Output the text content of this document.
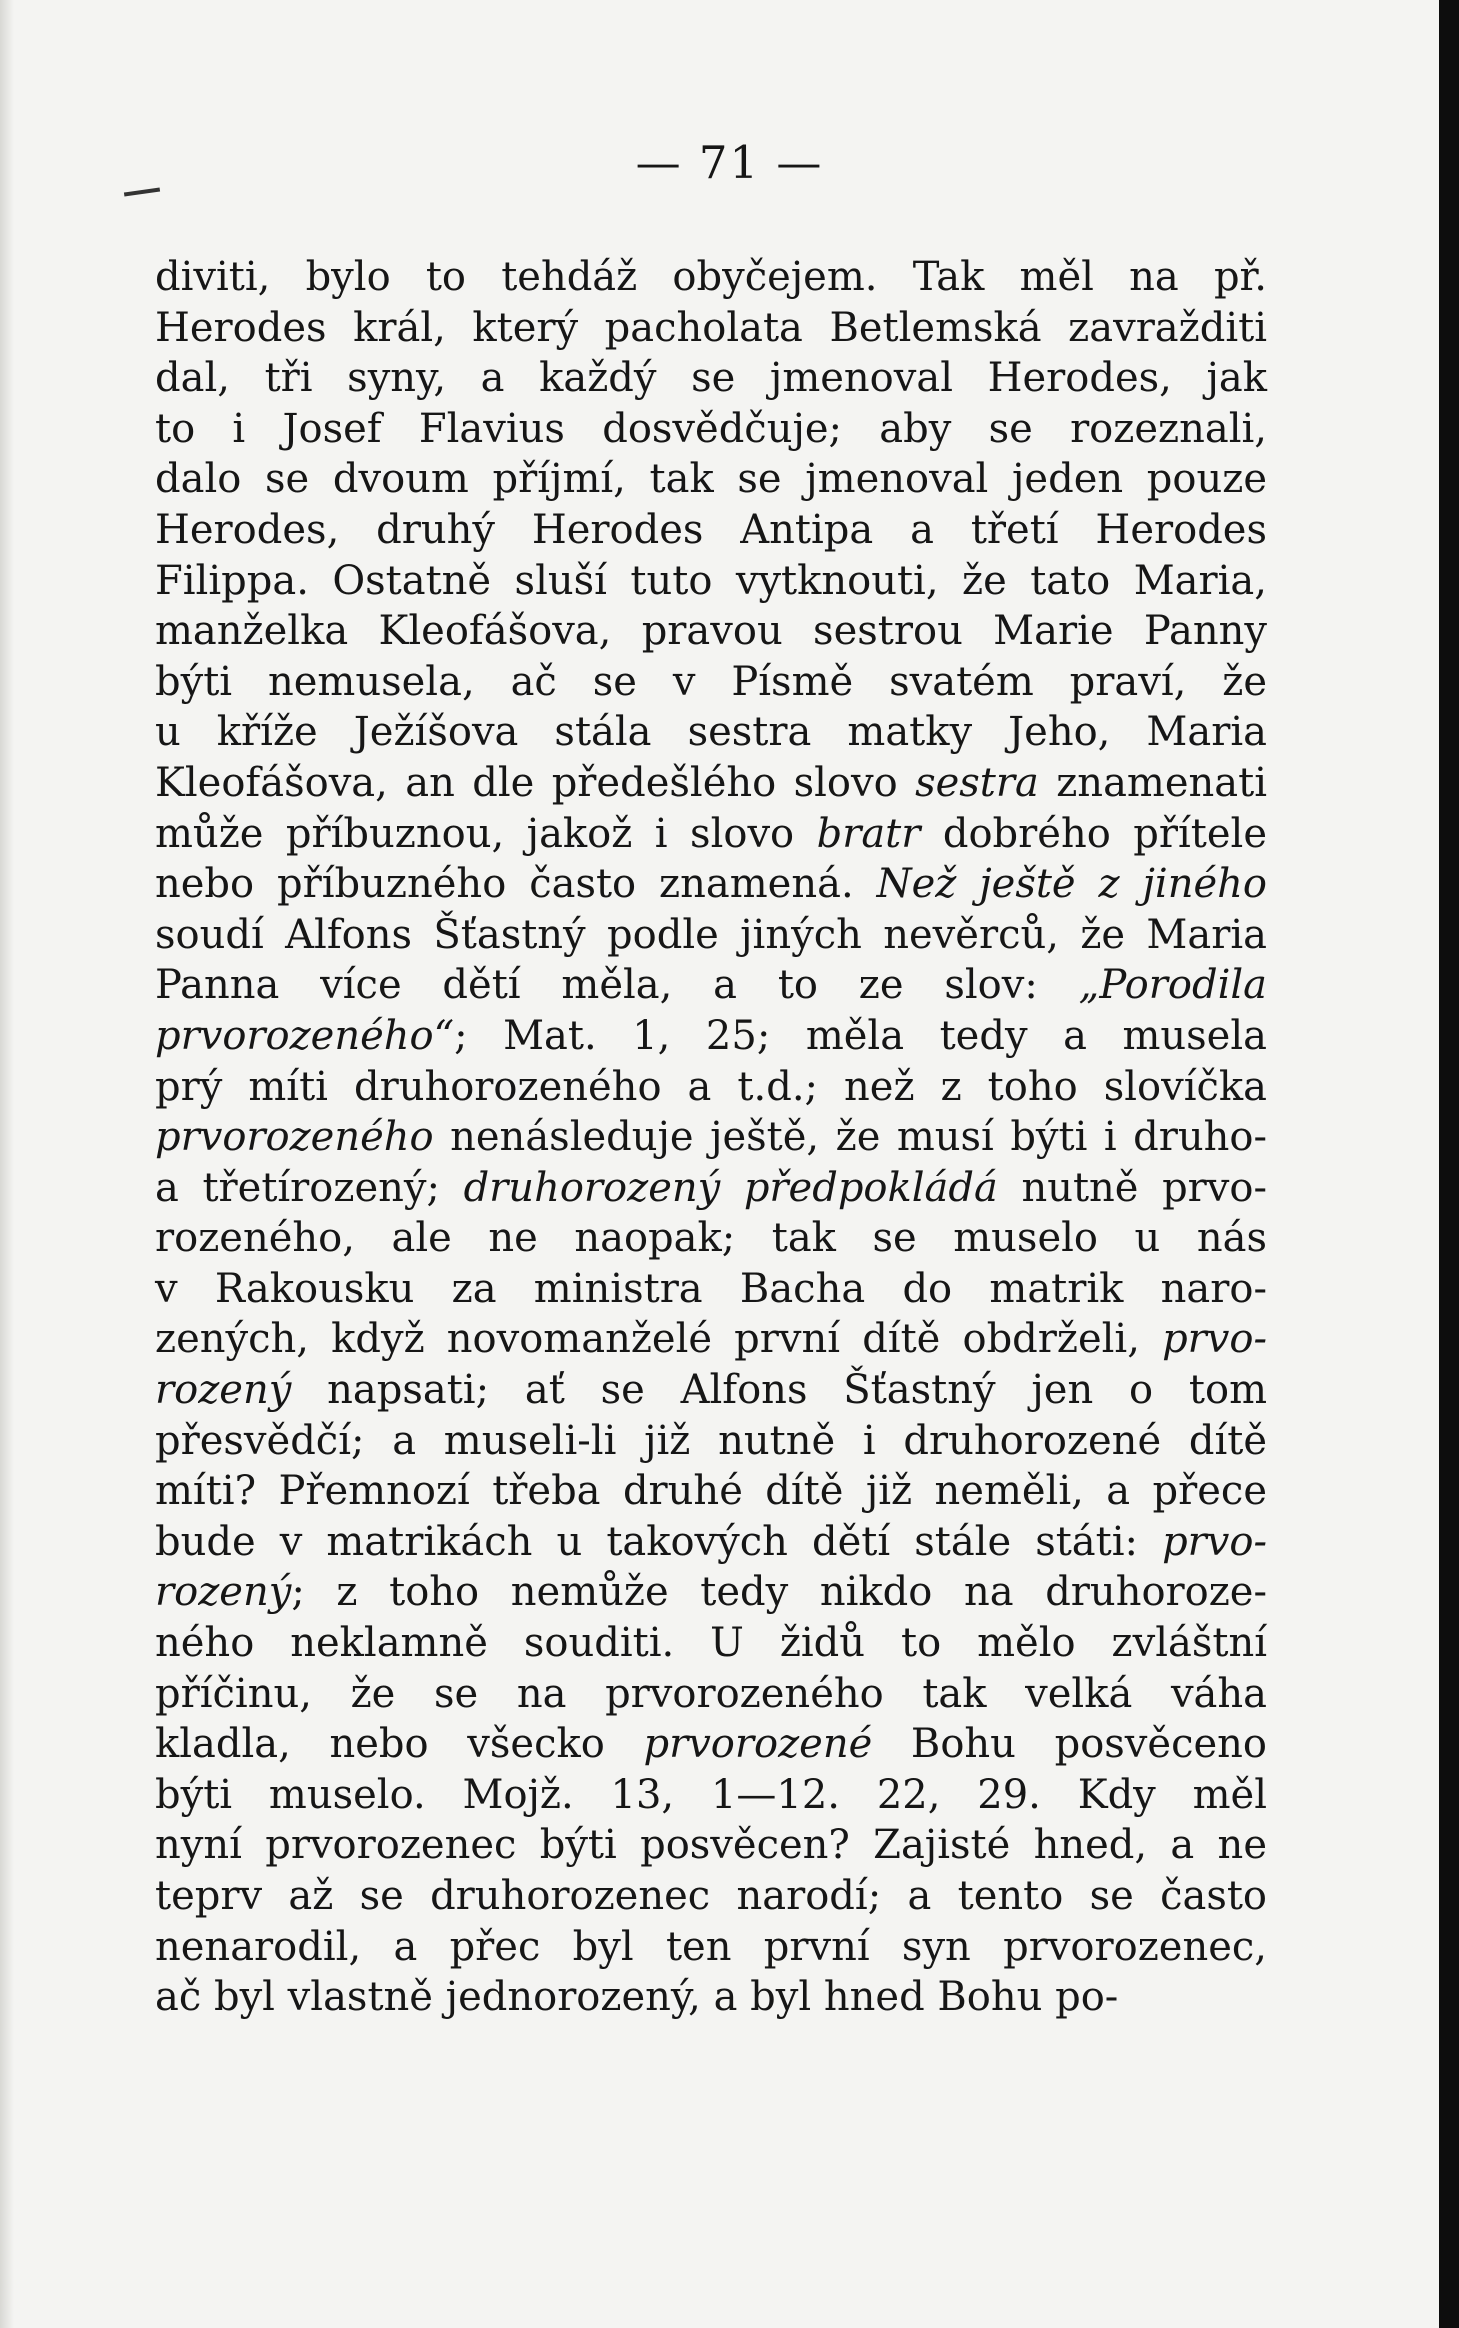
— 71 —
diviti, bylo to tehdáž obyčejem. Tak měl na př.
Herodes král, který pacholata Betlemská zavražditi
dal, tři syny, a každý se jmenoval Herodes, jak
to i Josef Flavius dosvědčuje; aby se rozeznali,
dalo se dvoum příjmí, tak se jmenoval jeden pouze
Herodes, druhý Herodes Antipa a třetí Herodes
Filippa. Ostatně sluší tuto vytknouti, že tato Maria,
manželka Kleofášova, pravou sestrou Marie Panny
býti nemusela, ač se v Písmě svatém praví, že
u kříže Ježíšova stála sestra matky Jeho, Maria
Kleofášova, an dle předešlého slovo sestra znamenati
může příbuznou, jakož i slovo bratr dobrého přítele
nebo příbuzného často znamená. Než ještě z jiného
soudí Alfons Šťastný podle jiných nevěrců, že Maria
Panna více dětí měla, a to ze slov: „Porodila
prvorozeného“; Mat. 1, 25; měla tedy a musela
prý míti druhorozeného a t.d.; než z toho slovíčka
prvorozeného nenásleduje ještě, že musí býti i druho-
a třetírozený; druhorozený předpokládá nutně prvo-
rozeného, ale ne naopak; tak se muselo u nás
v Rakousku za ministra Bacha do matrik naro-
zených, když novomanželé první dítě obdrželi, prvo-
rozený napsati; ať se Alfons Šťastný jen o tom
přesvědčí; a museli-li již nutně i druhorozené dítě
míti? Přemnozí třeba druhé dítě již neměli, a přece
bude v matrikách u takových dětí stále státi: prvo-
rozený; z toho nemůže tedy nikdo na druhoroze-
ného neklamně souditi. U židů to mělo zvláštní
příčinu, že se na prvorozeného tak velká váha
kladla, nebo všecko prvorozené Bohu posvěceno
býti muselo. Mojž. 13, 1—12. 22, 29. Kdy měl
nyní prvorozenec býti posvěcen? Zajisté hned, a ne
teprv až se druhorozenec narodí; a tento se často
nenarodil, a přec byl ten první syn prvorozenec,
ač byl vlastně jednorozený, a byl hned Bohu po-
